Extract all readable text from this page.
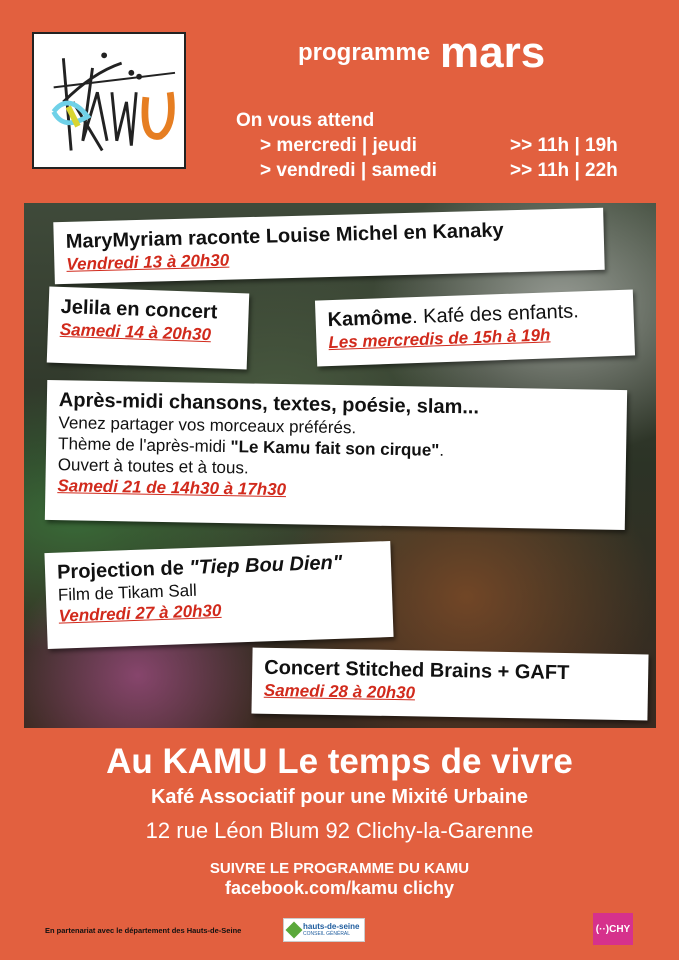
programme mars
On vous attend
> mercredi | jeudi	>> 11h | 19h
> vendredi | samedi	>> 11h | 22h
MaryMyriam raconte Louise Michel en Kanaky
Vendredi 13 à 20h30
Jelila en concert
Samedi 14 à 20h30
Kamôme. Kafé des enfants.
Les mercredis de 15h à 19h
Après-midi chansons, textes, poésie, slam...
Venez partager vos morceaux préférés.
Thème de l'après-midi "Le Kamu fait son cirque".
Ouvert à toutes et à tous.
Samedi 21 de 14h30 à 17h30
Projection de "Tiep Bou Dien"
Film de Tikam Sall
Vendredi 27 à 20h30
Concert Stitched Brains + GAFT
Samedi 28 à 20h30
Au KAMU Le temps de vivre
Kafé Associatif pour une Mixité Urbaine
12 rue Léon Blum 92 Clichy-la-Garenne
SUIVRE LE PROGRAMME DU KAMU
facebook.com/kamu clichy
En partenariat avec le département des Hauts-de-Seine	hauts-de-seine
CONSEIL GÉNÉRAL	(··)CHY
